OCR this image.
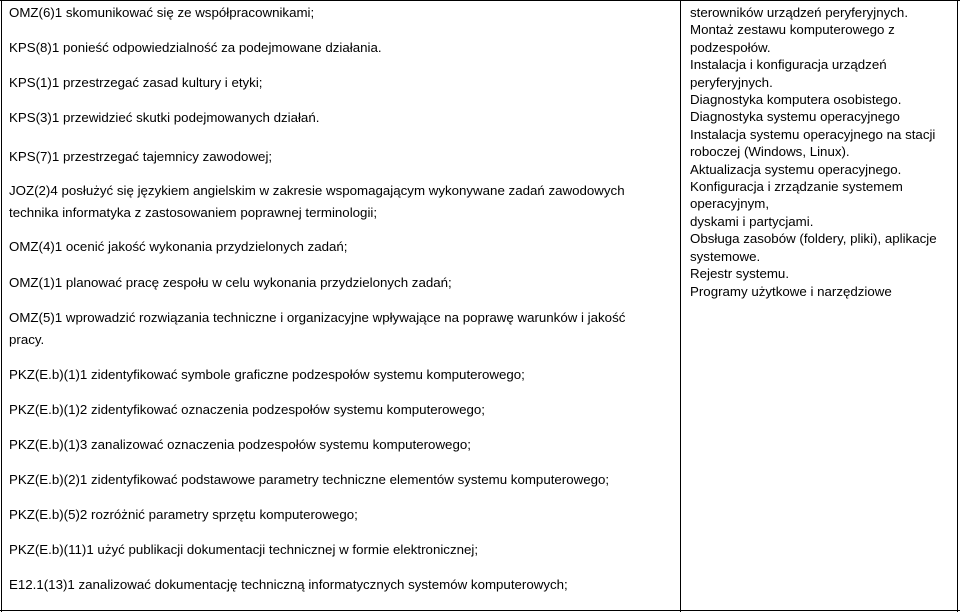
OMZ(6)1 skomunikować się ze współpracownikami;
KPS(8)1 ponieść odpowiedzialność za podejmowane działania.
KPS(1)1 przestrzegać zasad kultury i etyki;
KPS(3)1 przewidzieć skutki podejmowanych działań.
KPS(7)1 przestrzegać tajemnicy zawodowej;
JOZ(2)4 posłużyć się językiem angielskim w zakresie wspomagającym wykonywane zadań zawodowych
technika informatyka z zastosowaniem poprawnej terminologii;
OMZ(4)1 ocenić jakość wykonania przydzielonych zadań;
OMZ(1)1 planować pracę zespołu w celu wykonania przydzielonych zadań;
OMZ(5)1 wprowadzić rozwiązania techniczne i organizacyjne wpływające na poprawę warunków i jakość
pracy.
PKZ(E.b)(1)1 zidentyfikować symbole graficzne podzespołów systemu komputerowego;
PKZ(E.b)(1)2 zidentyfikować oznaczenia podzespołów systemu komputerowego;
PKZ(E.b)(1)3 zanalizować oznaczenia podzespołów systemu komputerowego;
PKZ(E.b)(2)1 zidentyfikować podstawowe parametry techniczne elementów systemu komputerowego;
PKZ(E.b)(5)2 rozróżnić parametry sprzętu komputerowego;
PKZ(E.b)(11)1 użyć publikacji dokumentacji technicznej w formie elektronicznej;
E12.1(13)1 zanalizować dokumentację techniczną informatycznych systemów komputerowych;
sterowników urządzeń peryferyjnych.
Montaż zestawu komputerowego z
podzespołów.
Instalacja i konfiguracja urządzeń
peryferyjnych.
Diagnostyka komputera osobistego.
Diagnostyka systemu operacyjnego
Instalacja systemu operacyjnego na stacji
roboczej (Windows, Linux).
Aktualizacja systemu operacyjnego.
Konfiguracja i zrządzanie systemem
operacyjnym,
dyskami i partycjami.
Obsługa zasobów (foldery, pliki), aplikacje
systemowe.
Rejestr systemu.
Programy użytkowe i narzędziowe
